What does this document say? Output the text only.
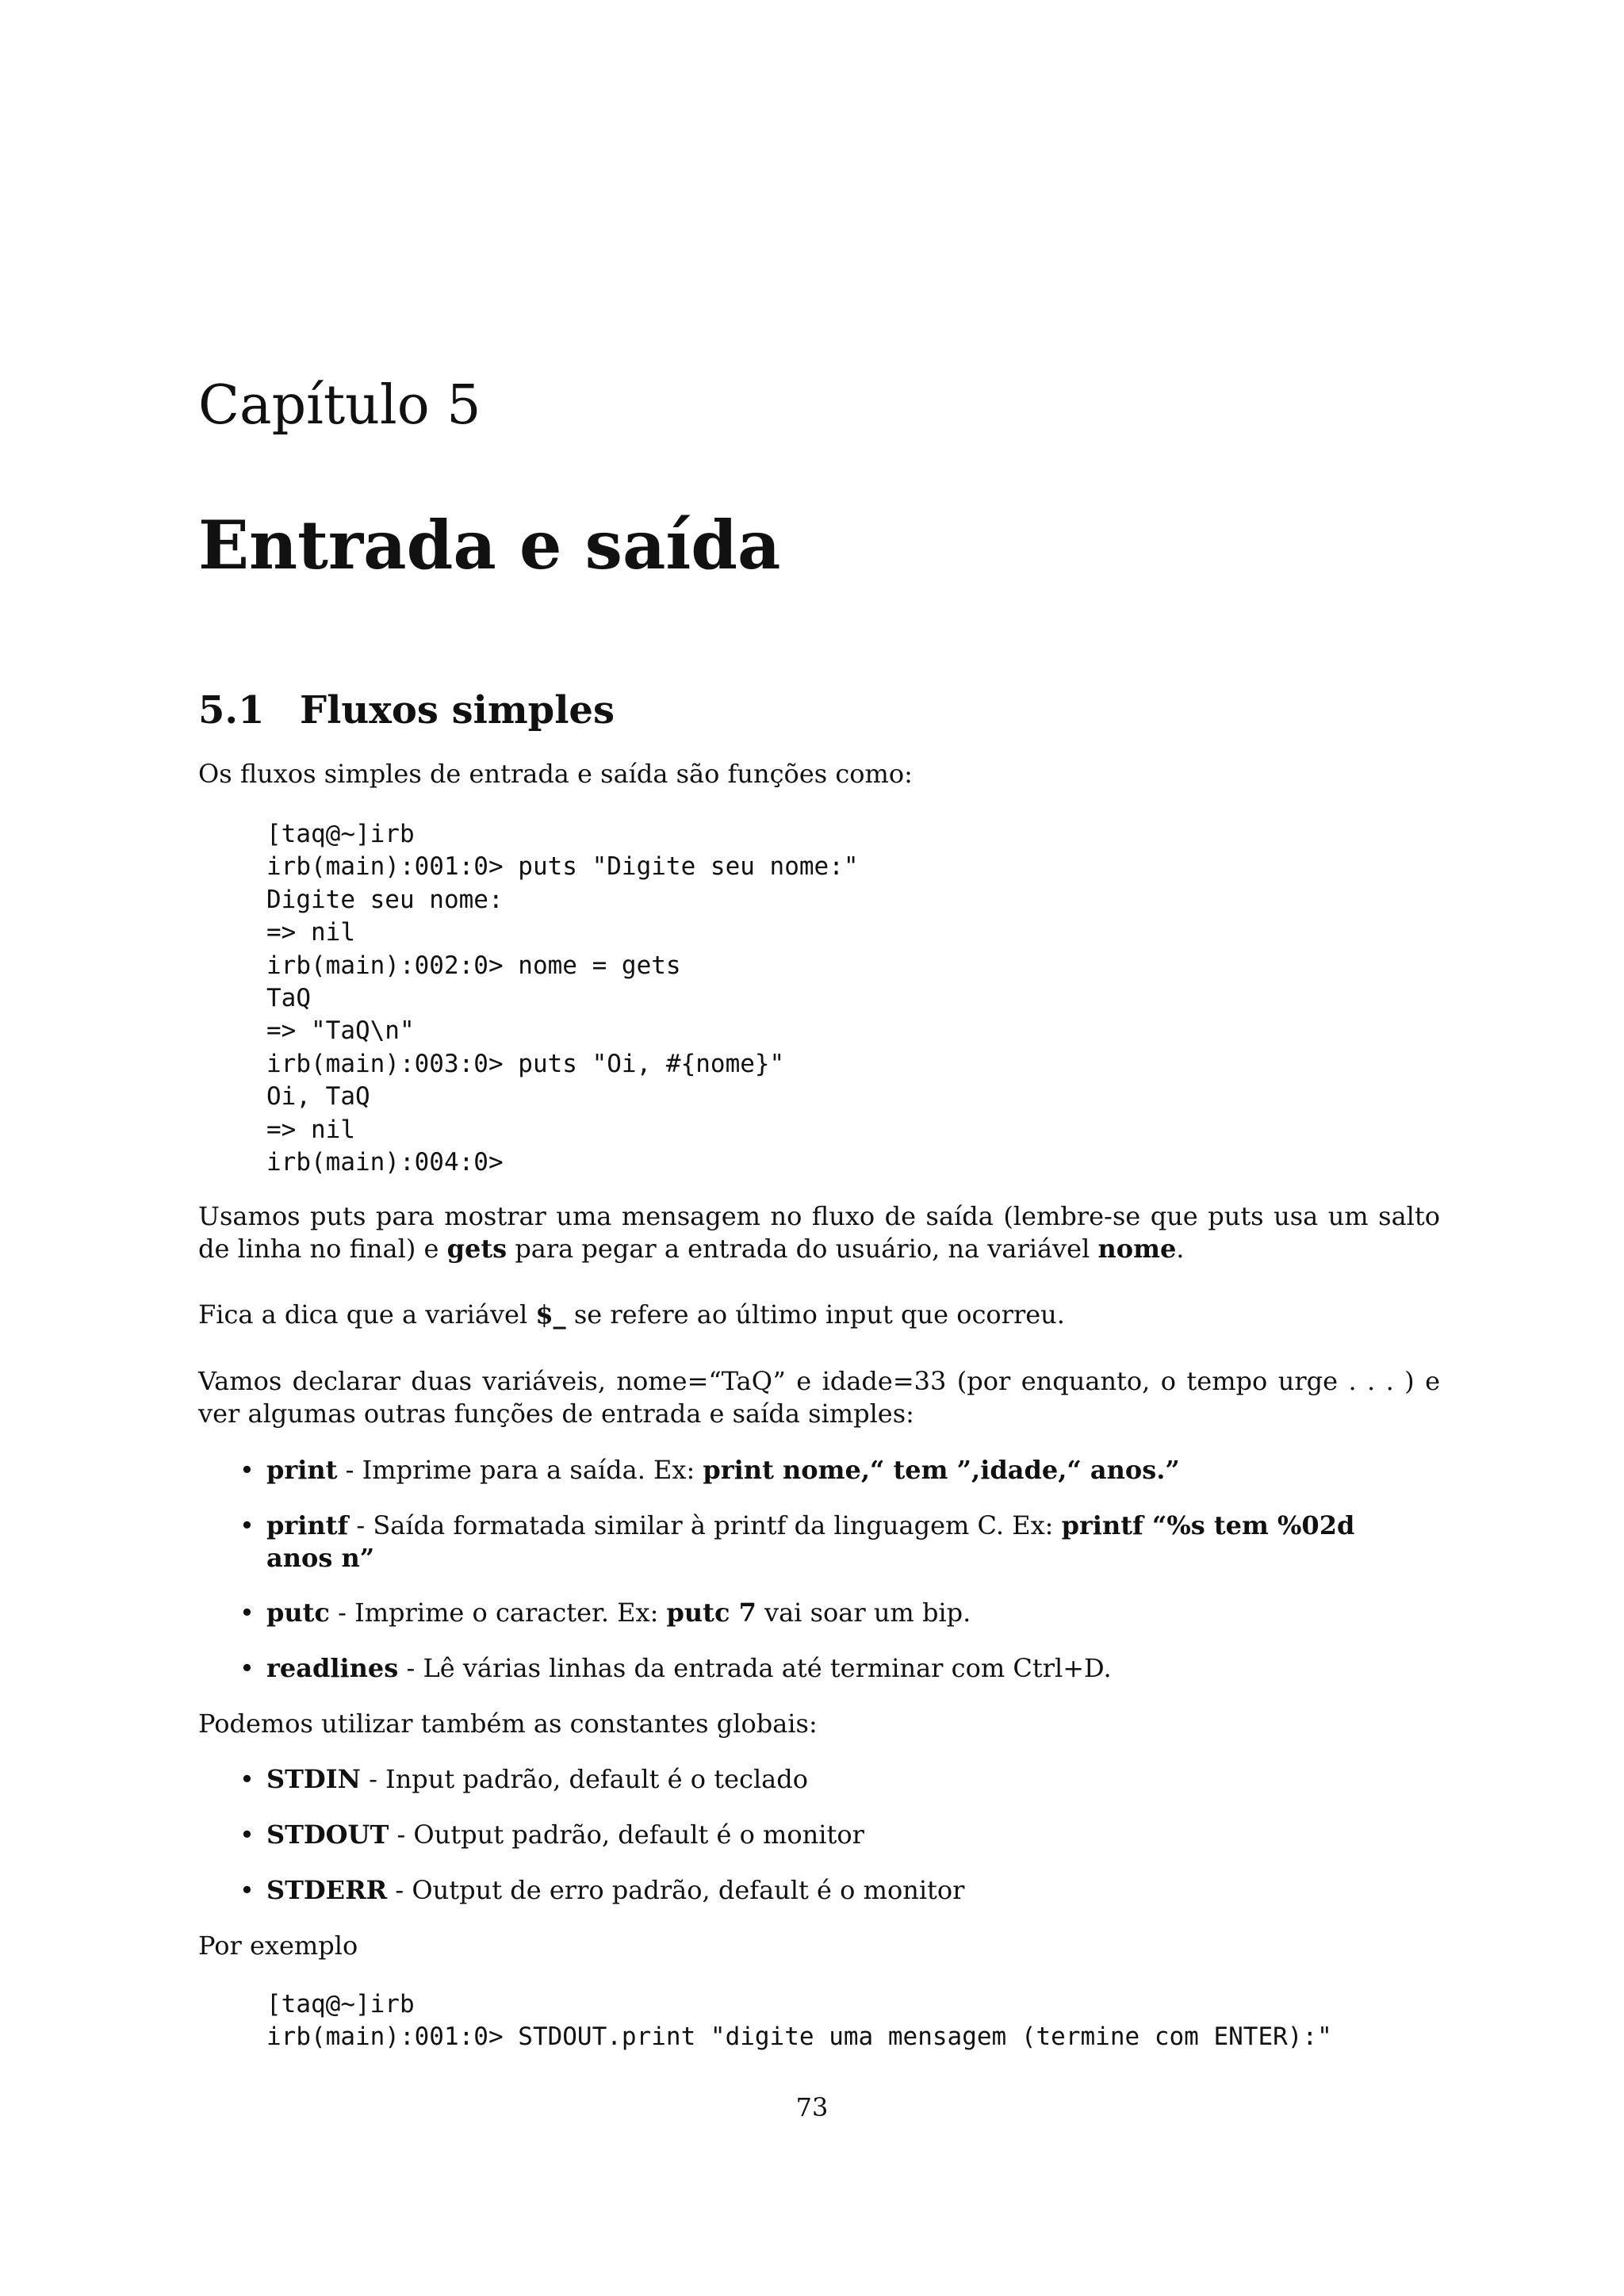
Capítulo 5
Entrada e saída
5.1 Fluxos simples

Os fluxos simples de entrada e saída são funções como:

[taq@~]irb
irb(main):001:0> puts "Digite seu nome:"
Digite seu nome:
=> nil
irb(main):002:0> nome = gets
TaQ
=> "TaQ\n"
irb(main):003:0> puts "Oi, #{nome}"
Oi, TaQ
=> nil
irb(main):004:0>

Usamos puts para mostrar uma mensagem no fluxo de saída (lembre-se que puts usa um salto de linha no final) e gets para pegar a entrada do usuário, na variável nome.

Fica a dica que a variável $_ se refere ao último input que ocorreu.

Vamos declarar duas variáveis, nome=“TaQ” e idade=33 (por enquanto, o tempo urge . . . ) e ver algumas outras funções de entrada e saída simples:

• print - Imprime para a saída. Ex: print nome,“ tem ”,idade,“ anos.”
• printf - Saída formatada similar à printf da linguagem C. Ex: printf “%s tem %02d anos n”
• putc - Imprime o caracter. Ex: putc 7 vai soar um bip.
• readlines - Lê várias linhas da entrada até terminar com Ctrl+D.

Podemos utilizar também as constantes globais:

• STDIN - Input padrão, default é o teclado
• STDOUT - Output padrão, default é o monitor
• STDERR - Output de erro padrão, default é o monitor

Por exemplo

[taq@~]irb
irb(main):001:0> STDOUT.print "digite uma mensagem (termine com ENTER):"
73
